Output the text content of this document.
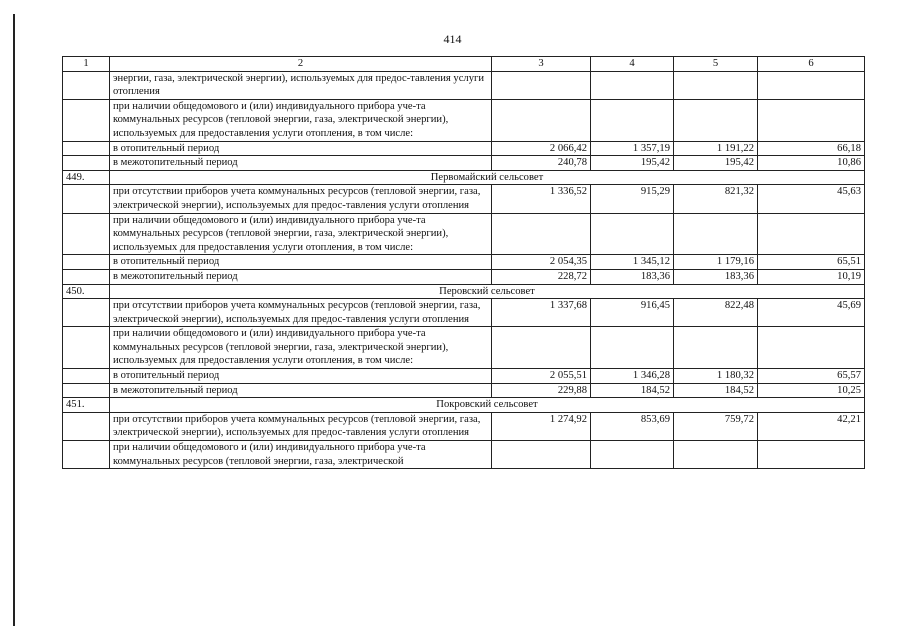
414
1	2	3	4	5	6
	энергии, газа, электрической энергии), используемых для предос-тавления услуги отопления				
	при наличии общедомового и (или) индивидуального прибора уче-та коммунальных ресурсов (тепловой энергии, газа, электрической энергии), используемых для предоставления услуги отопления, в том числе:				
	в отопительный период	2 066,42	1 357,19	1 191,22	66,18
	в межотопительный период	240,78	195,42	195,42	10,86
449.	Первомайский сельсовет				
	при отсутствии приборов учета коммунальных ресурсов (тепловой энергии, газа, электрической энергии), используемых для предос-тавления услуги отопления	1 336,52	915,29	821,32	45,63
	при наличии общедомового и (или) индивидуального прибора уче-та коммунальных ресурсов (тепловой энергии, газа, электрической энергии), используемых для предоставления услуги отопления, в том числе:				
	в отопительный период	2 054,35	1 345,12	1 179,16	65,51
	в межотопительный период	228,72	183,36	183,36	10,19
450.	Перовский сельсовет				
	при отсутствии приборов учета коммунальных ресурсов (тепловой энергии, газа, электрической энергии), используемых для предос-тавления услуги отопления	1 337,68	916,45	822,48	45,69
	при наличии общедомового и (или) индивидуального прибора уче-та коммунальных ресурсов (тепловой энергии, газа, электрической энергии), используемых для предоставления услуги отопления, в том числе:				
	в отопительный период	2 055,51	1 346,28	1 180,32	65,57
	в межотопительный период	229,88	184,52	184,52	10,25
451.	Покровский сельсовет				
	при отсутствии приборов учета коммунальных ресурсов (тепловой энергии, газа, электрической энергии), используемых для предос-тавления услуги отопления	1 274,92	853,69	759,72	42,21
	при наличии общедомового и (или) индивидуального прибора уче-та коммунальных ресурсов (тепловой энергии, газа, электрической				
